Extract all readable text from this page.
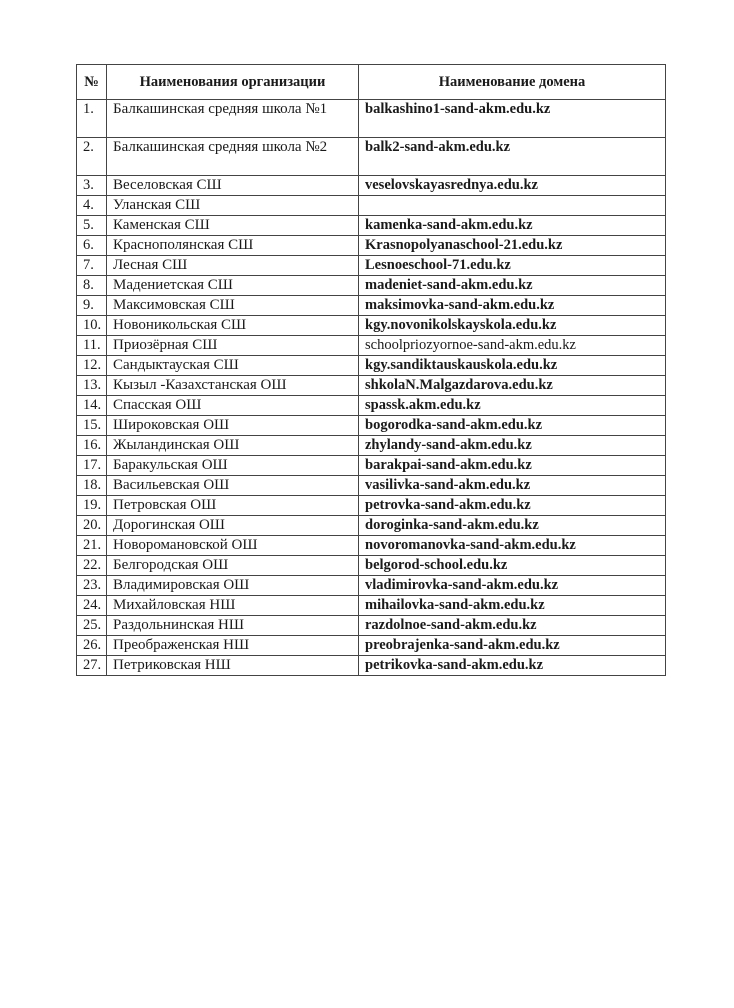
№	Наименования организации	Наименование домена
1.	Балкашинская средняя школа №1	balkashino1-sand-akm.edu.kz
2.	Балкашинская средняя школа №2	balk2-sand-akm.edu.kz
3.	Веселовская СШ	veselovskayasrednya.edu.kz
4.	Уланская СШ	
5.	Каменская СШ	kamenka-sand-akm.edu.kz
6.	Краснополянская СШ	Krasnopolyanaschool-21.edu.kz
7.	Лесная СШ	Lesnoeschool-71.edu.kz
8.	Мадениетская СШ	madeniet-sand-akm.edu.kz
9.	Максимовская СШ	maksimovka-sand-akm.edu.kz
10.	Новоникольская СШ	kgy.novonikolskayskola.edu.kz
11.	Приозёрная СШ	schoolpriozyornoe-sand-akm.edu.kz
12.	Сандыктауская СШ	kgy.sandiktauskauskola.edu.kz
13.	Кызыл -Казахстанская ОШ	shkolaN.Malgazdarova.edu.kz
14.	Спасская ОШ	spassk.akm.edu.kz
15.	Широковская ОШ	bogorodka-sand-akm.edu.kz
16.	Жыландинская ОШ	zhylandy-sand-akm.edu.kz
17.	Баракульская ОШ	barakpai-sand-akm.edu.kz
18.	Васильевская ОШ	vasilivka-sand-akm.edu.kz
19.	Петровская ОШ	petrovka-sand-akm.edu.kz
20.	Дорогинская ОШ	doroginka-sand-akm.edu.kz
21.	Новоромановской ОШ	novoromanovka-sand-akm.edu.kz
22.	Белгородская ОШ	belgorod-school.edu.kz
23.	Владимировская ОШ	vladimirovka-sand-akm.edu.kz
24.	Михайловская НШ	mihailovka-sand-akm.edu.kz
25.	Раздольнинская НШ	razdolnoe-sand-akm.edu.kz
26.	Преображенская НШ	preobrajenka-sand-akm.edu.kz
27.	Петриковская НШ	petrikovka-sand-akm.edu.kz
